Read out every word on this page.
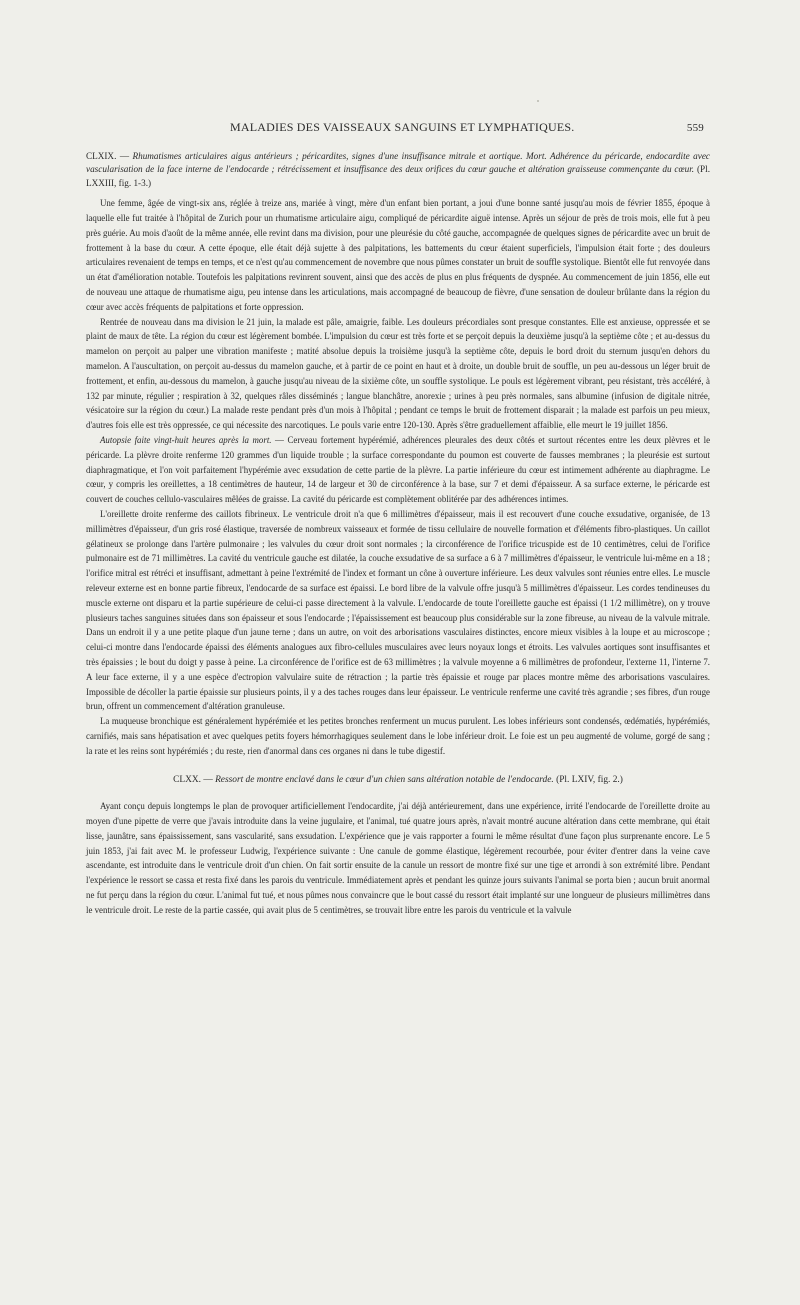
MALADIES DES VAISSEAUX SANGUINS ET LYMPHATIQUES.	559

CLXIX. — Rhumatismes articulaires aigus antérieurs ; péricardites, signes d'une insuffisance mitrale et aortique. Mort. Adhérence du péricarde, endocardite avec vascularisation de la face interne de l'endocarde ; rétrécissement et insuffisance des deux orifices du cœur gauche et altération graisseuse commençante du cœur. (Pl. LXXIII, fig. 1-3.)

Une femme, âgée de vingt-six ans, réglée à treize ans, mariée à vingt, mère d'un enfant bien portant, a joui d'une bonne santé jusqu'au mois de février 1855, époque à laquelle elle fut traitée à l'hôpital de Zurich pour un rhumatisme articulaire aigu, compliqué de péricardite aiguë intense. Après un séjour de près de trois mois, elle fut à peu près guérie. Au mois d'août de la même année, elle revint dans ma division, pour une pleurésie du côté gauche, accompagnée de quelques signes de péricardite avec un bruit de frottement à la base du cœur. A cette époque, elle était déjà sujette à des palpitations, les battements du cœur étaient superficiels, l'impulsion était forte ; des douleurs articulaires revenaient de temps en temps, et ce n'est qu'au commencement de novembre que nous pûmes constater un bruit de souffle systolique. Bientôt elle fut renvoyée dans un état d'amélioration notable. Toutefois les palpitations revinrent souvent, ainsi que des accès de plus en plus fréquents de dyspnée. Au commencement de juin 1856, elle eut de nouveau une attaque de rhumatisme aigu, peu intense dans les articulations, mais accompagné de beaucoup de fièvre, d'une sensation de douleur brûlante dans la région du cœur avec accès fréquents de palpitations et forte oppression.

Rentrée de nouveau dans ma division le 21 juin, la malade est pâle, amaigrie, faible. Les douleurs précordiales sont presque constantes. Elle est anxieuse, oppressée et se plaint de maux de tête. La région du cœur est légèrement bombée. L'impulsion du cœur est très forte et se perçoit depuis la deuxième jusqu'à la septième côte ; et au-dessus du mamelon on perçoit au palper une vibration manifeste ; matité absolue depuis la troisième jusqu'à la septième côte, depuis le bord droit du sternum jusqu'en dehors du mamelon. A l'auscultation, on perçoit au-dessus du mamelon gauche, et à partir de ce point en haut et à droite, un double bruit de souffle, un peu au-dessous un léger bruit de frottement, et enfin, au-dessous du mamelon, à gauche jusqu'au niveau de la sixième côte, un souffle systolique. Le pouls est légèrement vibrant, peu résistant, très accéléré, à 132 par minute, régulier ; respiration à 32, quelques râles disséminés ; langue blanchâtre, anorexie ; urines à peu près normales, sans albumine (infusion de digitale nitrée, vésicatoire sur la région du cœur.) La malade reste pendant près d'un mois à l'hôpital ; pendant ce temps le bruit de frottement disparait ; la malade est parfois un peu mieux, d'autres fois elle est très oppressée, ce qui nécessite des narcotiques. Le pouls varie entre 120-130. Après s'être graduellement affaiblie, elle meurt le 19 juillet 1856.

Autopsie faite vingt-huit heures après la mort. — Cerveau fortement hypérémié, adhérences pleurales des deux côtés et surtout récentes entre les deux plèvres et le péricarde. La plèvre droite renferme 120 grammes d'un liquide trouble ; la surface correspondante du poumon est couverte de fausses membranes ; la pleurésie est surtout diaphragmatique, et l'on voit parfaitement l'hypérémie avec exsudation de cette partie de la plèvre. La partie inférieure du cœur est intimement adhérente au diaphragme. Le cœur, y compris les oreillettes, a 18 centimètres de hauteur, 14 de largeur et 30 de circonférence à la base, sur 7 et demi d'épaisseur. A sa surface externe, le péricarde est couvert de couches cellulo-vasculaires mêlées de graisse. La cavité du péricarde est complètement oblitérée par des adhérences intimes.

L'oreillette droite renferme des caillots fibrineux. Le ventricule droit n'a que 6 millimètres d'épaisseur, mais il est recouvert d'une couche exsudative, organisée, de 13 millimètres d'épaisseur, d'un gris rosé élastique, traversée de nombreux vaisseaux et formée de tissu cellulaire de nouvelle formation et d'éléments fibro-plastiques. Un caillot gélatineux se prolonge dans l'artère pulmonaire ; les valvules du cœur droit sont normales ; la circonférence de l'orifice tricuspide est de 10 centimètres, celui de l'orifice pulmonaire est de 71 millimètres. La cavité du ventricule gauche est dilatée, la couche exsudative de sa surface a 6 à 7 millimètres d'épaisseur, le ventricule lui-même en a 18 ; l'orifice mitral est rétréci et insuffisant, admettant à peine l'extrémité de l'index et formant un cône à ouverture inférieure. Les deux valvules sont réunies entre elles. Le muscle releveur externe est en bonne partie fibreux, l'endocarde de sa surface est épaissi. Le bord libre de la valvule offre jusqu'à 5 millimètres d'épaisseur. Les cordes tendineuses du muscle externe ont disparu et la partie supérieure de celui-ci passe directement à la valvule. L'endocarde de toute l'oreillette gauche est épaissi (1 1/2 millimètre), on y trouve plusieurs taches sanguines situées dans son épaisseur et sous l'endocarde ; l'épaississement est beaucoup plus considérable sur la zone fibreuse, au niveau de la valvule mitrale. Dans un endroit il y a une petite plaque d'un jaune terne ; dans un autre, on voit des arborisations vasculaires distinctes, encore mieux visibles à la loupe et au microscope ; celui-ci montre dans l'endocarde épaissi des éléments analogues aux fibro-cellules musculaires avec leurs noyaux longs et étroits. Les valvules aortiques sont insuffisantes et très épaissies ; le bout du doigt y passe à peine. La circonférence de l'orifice est de 63 millimètres ; la valvule moyenne a 6 millimètres de profondeur, l'externe 11, l'interne 7. A leur face externe, il y a une espèce d'ectropion valvulaire suite de rétraction ; la partie très épaissie et rouge par places montre même des arborisations vasculaires. Impossible de décoller la partie épaissie sur plusieurs points, il y a des taches rouges dans leur épaisseur. Le ventricule renferme une cavité très agrandie ; ses fibres, d'un rouge brun, offrent un commencement d'altération granuleuse.

La muqueuse bronchique est généralement hypérémiée et les petites bronches renferment un mucus purulent. Les lobes inférieurs sont condensés, œdématiés, hypérémiés, carnifiés, mais sans hépatisation et avec quelques petits foyers hémorrhagiques seulement dans le lobe inférieur droit. Le foie est un peu augmenté de volume, gorgé de sang ; la rate et les reins sont hypérémiés ; du reste, rien d'anormal dans ces organes ni dans le tube digestif.

CLXX. — Ressort de montre enclavé dans le cœur d'un chien sans altération notable de l'endocarde. (Pl. LXIV, fig. 2.)

Ayant conçu depuis longtemps le plan de provoquer artificiellement l'endocardite, j'ai déjà antérieurement, dans une expérience, irrité l'endocarde de l'oreillette droite au moyen d'une pipette de verre que j'avais introduite dans la veine jugulaire, et l'animal, tué quatre jours après, n'avait montré aucune altération dans cette membrane, qui était lisse, jaunâtre, sans épaississement, sans vascularité, sans exsudation. L'expérience que je vais rapporter a fourni le même résultat d'une façon plus surprenante encore. Le 5 juin 1853, j'ai fait avec M. le professeur Ludwig, l'expérience suivante : Une canule de gomme élastique, légèrement recourbée, pour éviter d'entrer dans la veine cave ascendante, est introduite dans le ventricule droit d'un chien. On fait sortir ensuite de la canule un ressort de montre fixé sur une tige et arrondi à son extrémité libre. Pendant l'expérience le ressort se cassa et resta fixé dans les parois du ventricule. Immédiatement après et pendant les quinze jours suivants l'animal se porta bien ; aucun bruit anormal ne fut perçu dans la région du cœur. L'animal fut tué, et nous pûmes nous convaincre que le bout cassé du ressort était implanté sur une longueur de plusieurs millimètres dans le ventricule droit. Le reste de la partie cassée, qui avait plus de 5 centimètres, se trouvait libre entre les parois du ventricule et la valvule
